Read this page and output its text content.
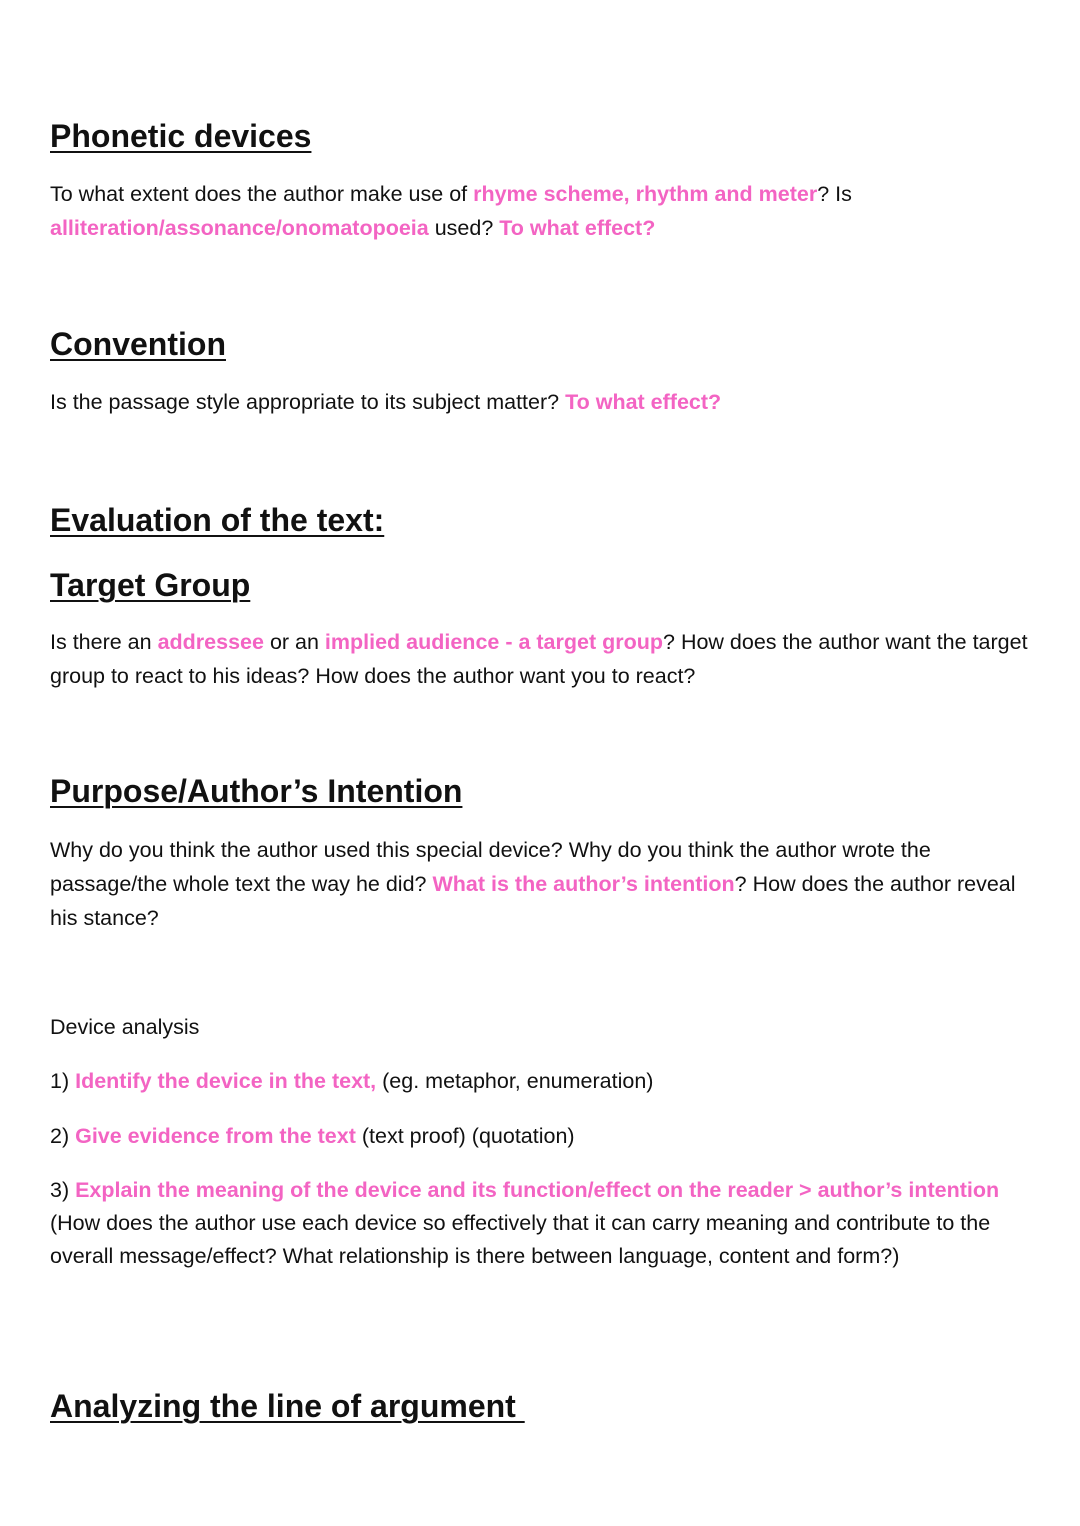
Phonetic devices

To what extent does the author make use of rhyme scheme, rhythm and meter? Is alliteration/assonance/onomatopoeia used? To what effect?

Convention

Is the passage style appropriate to its subject matter? To what effect?

Evaluation of the text:
Target Group

Is there an addressee or an implied audience - a target group? How does the author want the target group to react to his ideas? How does the author want you to react?

Purpose/Author’s Intention

Why do you think the author used this special device? Why do you think the author wrote the passage/the whole text the way he did? What is the author’s intention? How does the author reveal his stance?

Device analysis

1) Identify the device in the text, (eg. metaphor, enumeration)

2) Give evidence from the text (text proof) (quotation)

3) Explain the meaning of the device and its function/effect on the reader > author’s intention (How does the author use each device so effectively that it can carry meaning and contribute to the overall message/effect? What relationship is there between language, content and form?)

Analyzing the line of argument
